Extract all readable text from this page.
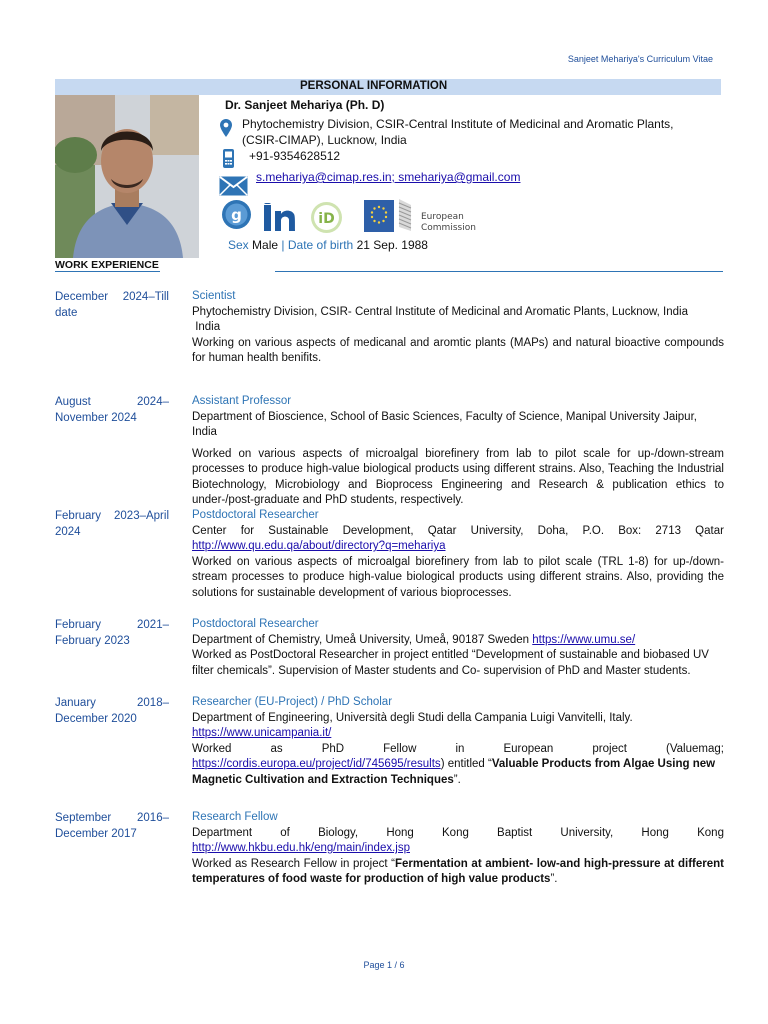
Sanjeet Mehariya's Curriculum Vitae
PERSONAL INFORMATION
Dr. Sanjeet Mehariya (Ph. D)
Phytochemistry Division, CSIR-Central Institute of Medicinal and Aromatic Plants,
(CSIR-CIMAP), Lucknow, India
+91-9354628512
s.mehariya@cimap.res.in; smehariya@gmail.com
g	iD	European
Commission
Sex Male | Date of birth 21 Sep. 1988
WORK EXPERIENCE
December 2024–Till
date

Scientist

Phytochemistry Division, CSIR- Central Institute of Medicinal and Aromatic Plants, Lucknow, India

India

Working on various aspects of medicanal and aromtic plants (MAPs) and natural bioactive compounds for human health benifits.

August	2024–
November 2024

Assistant Professor

Department of Bioscience, School of Basic Sciences, Faculty of Science, Manipal University Jaipur, India

Worked on various aspects of microalgal biorefinery from lab to pilot scale for up-/down-stream processes to produce high-value biological products using different strains. Also, Teaching the Industrial Biotechnology, Microbiology and Bioprocess Engineering and Research & publication ethics to under-/post-graduate and PhD students, respectively.

February 2023–April
2024

Postdoctoral Researcher

Center for Sustainable Development, Qatar University, Doha, P.O. Box: 2713 Qatar

http://www.qu.edu.qa/about/directory?q=mehariya

Worked on various aspects of microalgal biorefinery from lab to pilot scale (TRL 1-8) for up-/down-stream processes to produce high-value biological products using different strains. Also, providing the solutions for sustainable development of various bioprocesses.

February	2021–
February 2023

Postdoctoral Researcher

Department of Chemistry, Umeå University, Umeå, 90187 Sweden https://www.umu.se/

Worked as PostDoctoral Researcher in project entitled “Development of sustainable and biobased UV filter chemicals”. Supervision of Master students and Co- supervision of PhD and Master students.

January	2018–
December 2020

Researcher (EU-Project) / PhD Scholar

Department of Engineering, Università degli Studi della Campania Luigi Vanvitelli, Italy.

https://www.unicampania.it/

Worked	as	PhD	Fellow	in	European	project	(Valuemag;

https://cordis.europa.eu/project/id/745695/results) entitled “Valuable Products from Algae Using new Magnetic Cultivation and Extraction Techniques”.

September 2016–
December 2017

Research Fellow

Department of Biology, Hong Kong Baptist University, Hong Kong

http://www.hkbu.edu.hk/eng/main/index.jsp

Worked as Research Fellow in project “Fermentation at ambient- low-and high-pressure at different temperatures of food waste for production of high value products”.

Page 1 / 6
